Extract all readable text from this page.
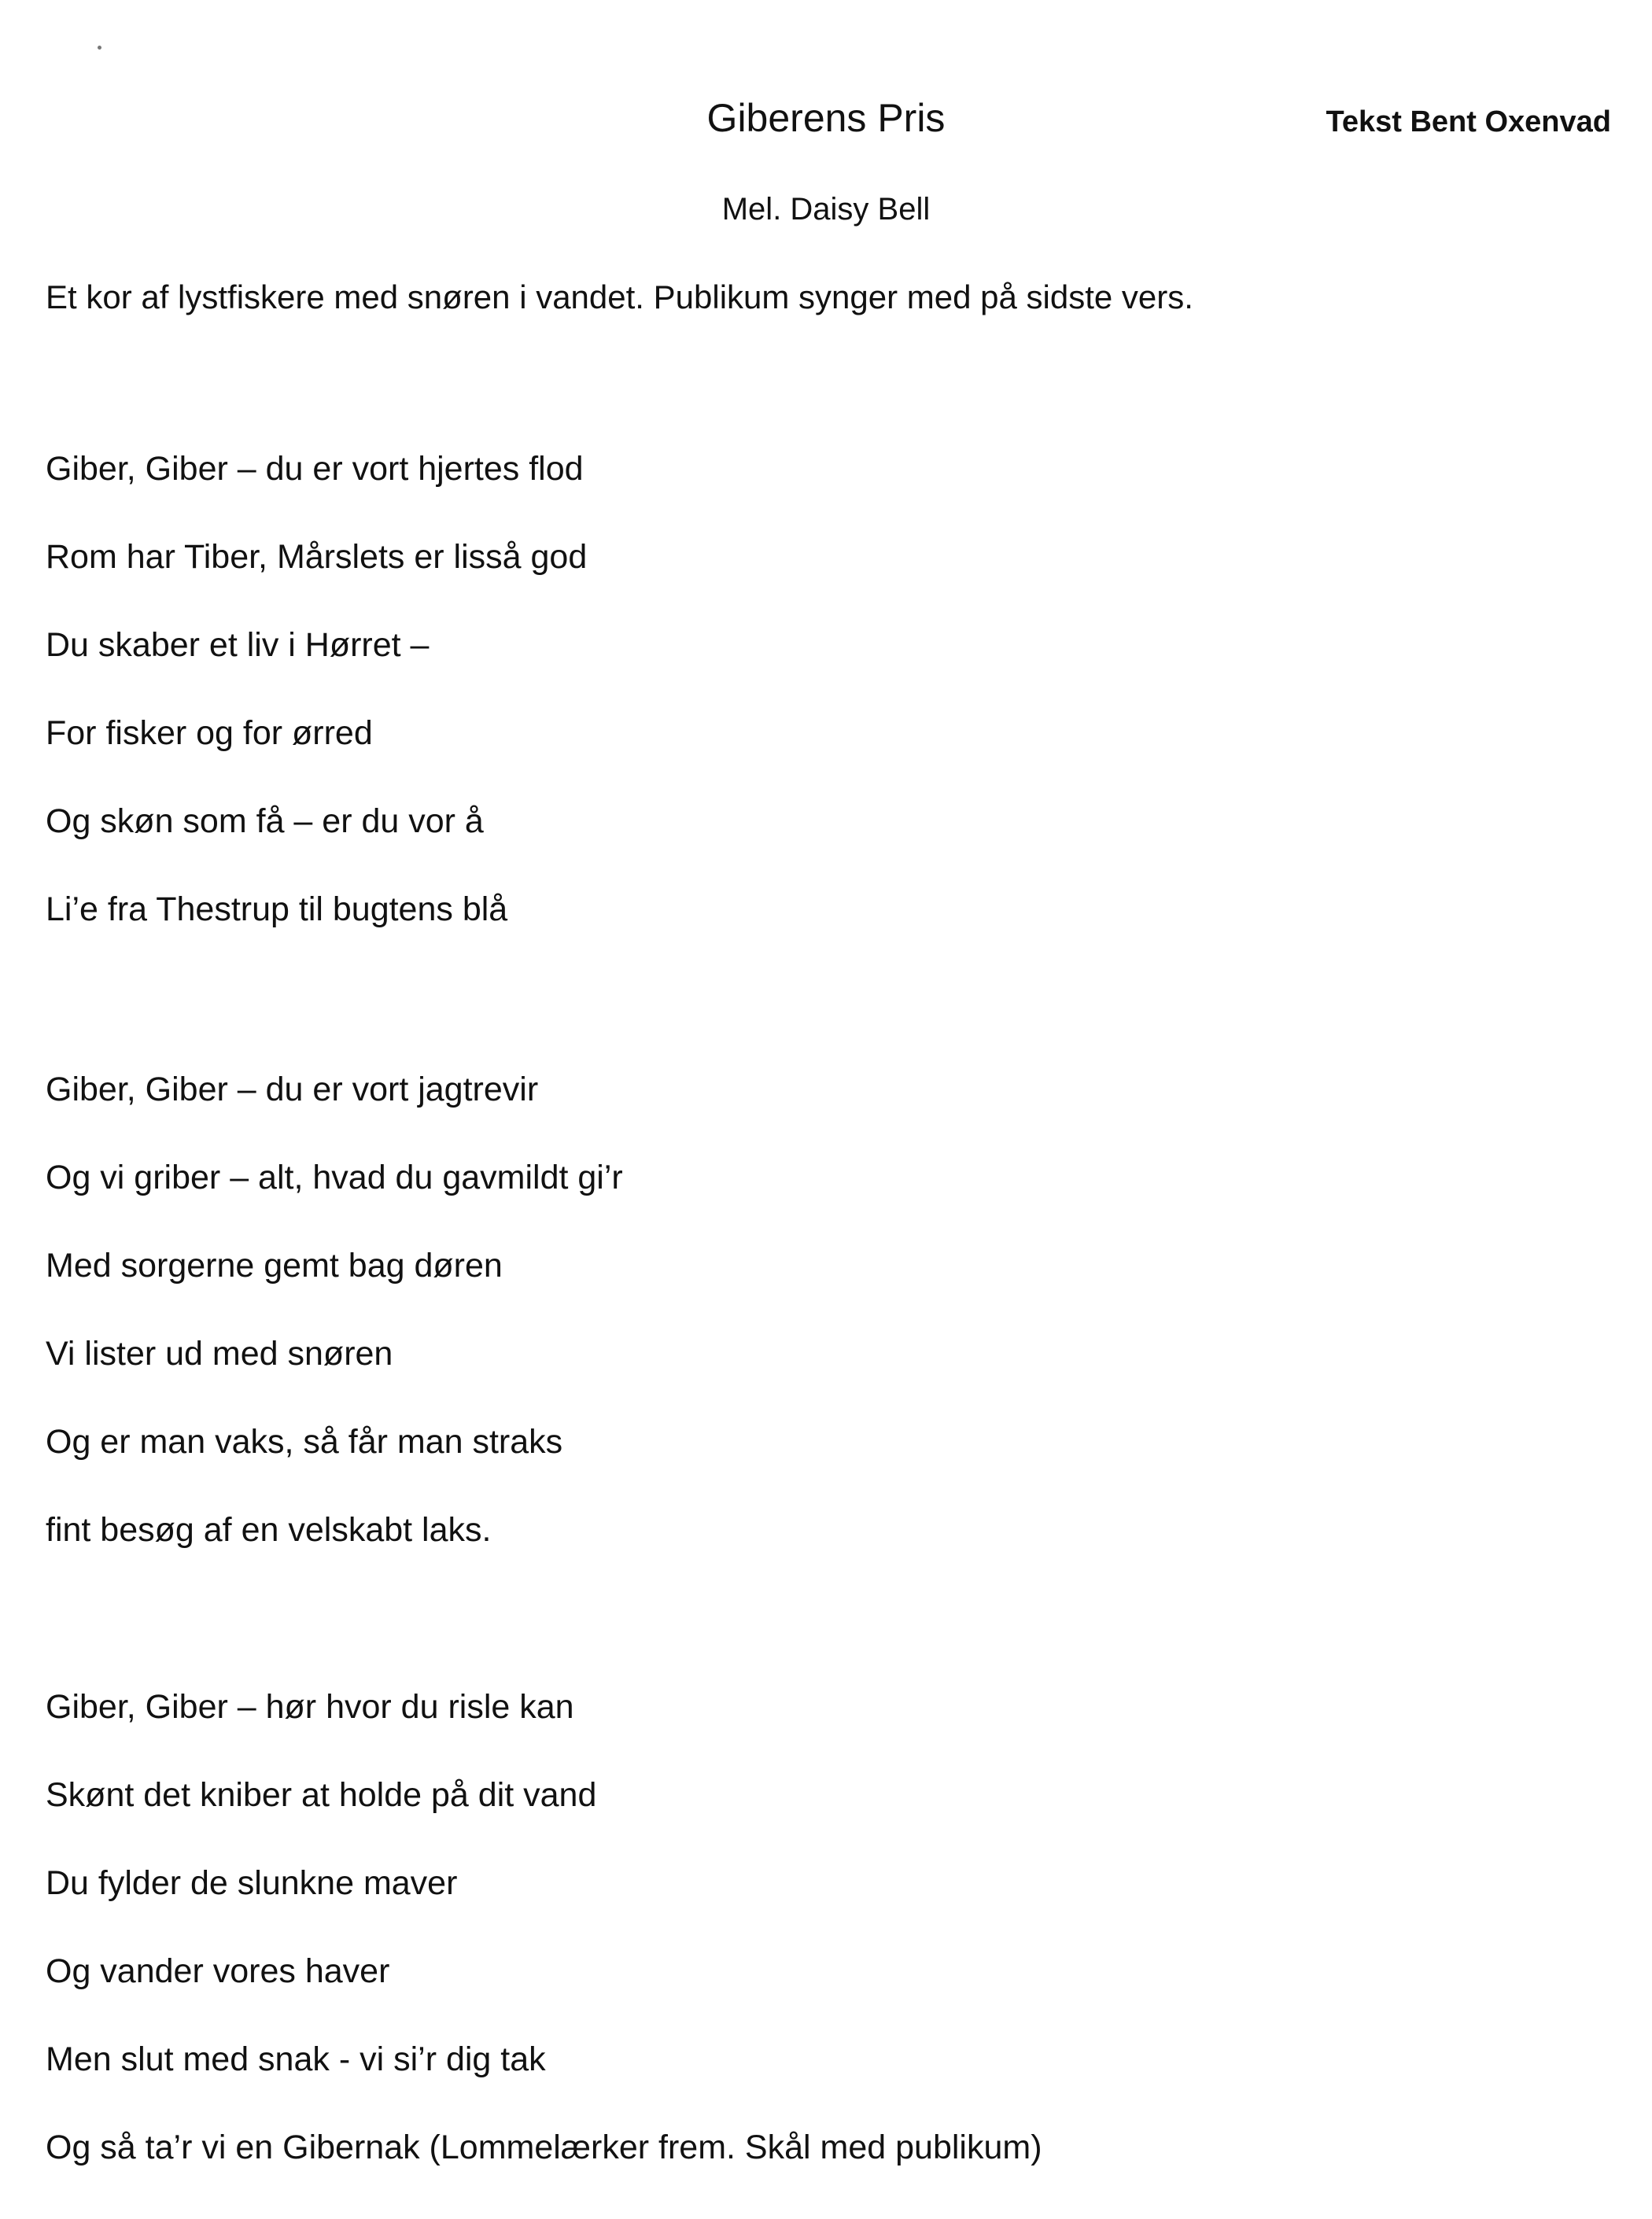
Giberens Pris	Tekst Bent Oxenvad
Mel. Daisy Bell
Et kor af lystfiskere med snøren i vandet. Publikum synger med på sidste vers.
Giber, Giber – du er vort hjertes flod
Rom har Tiber, Mårslets er lisså god
Du skaber et liv i Hørret –
For fisker og for ørred
Og skøn som få – er du vor å
Li’e fra Thestrup til bugtens blå
Giber, Giber – du er vort jagtrevir
Og vi griber – alt, hvad du gavmildt gi’r
Med sorgerne gemt bag døren
Vi lister ud med snøren
Og er man vaks, så får man straks
fint besøg af en velskabt laks.
Giber, Giber – hør hvor du risle kan
Skønt det kniber at holde på dit vand
Du fylder de slunkne maver
Og vander vores haver
Men slut med snak - vi si’r dig tak
Og så ta’r vi en Gibernak (Lommelærker frem. Skål med publikum)
